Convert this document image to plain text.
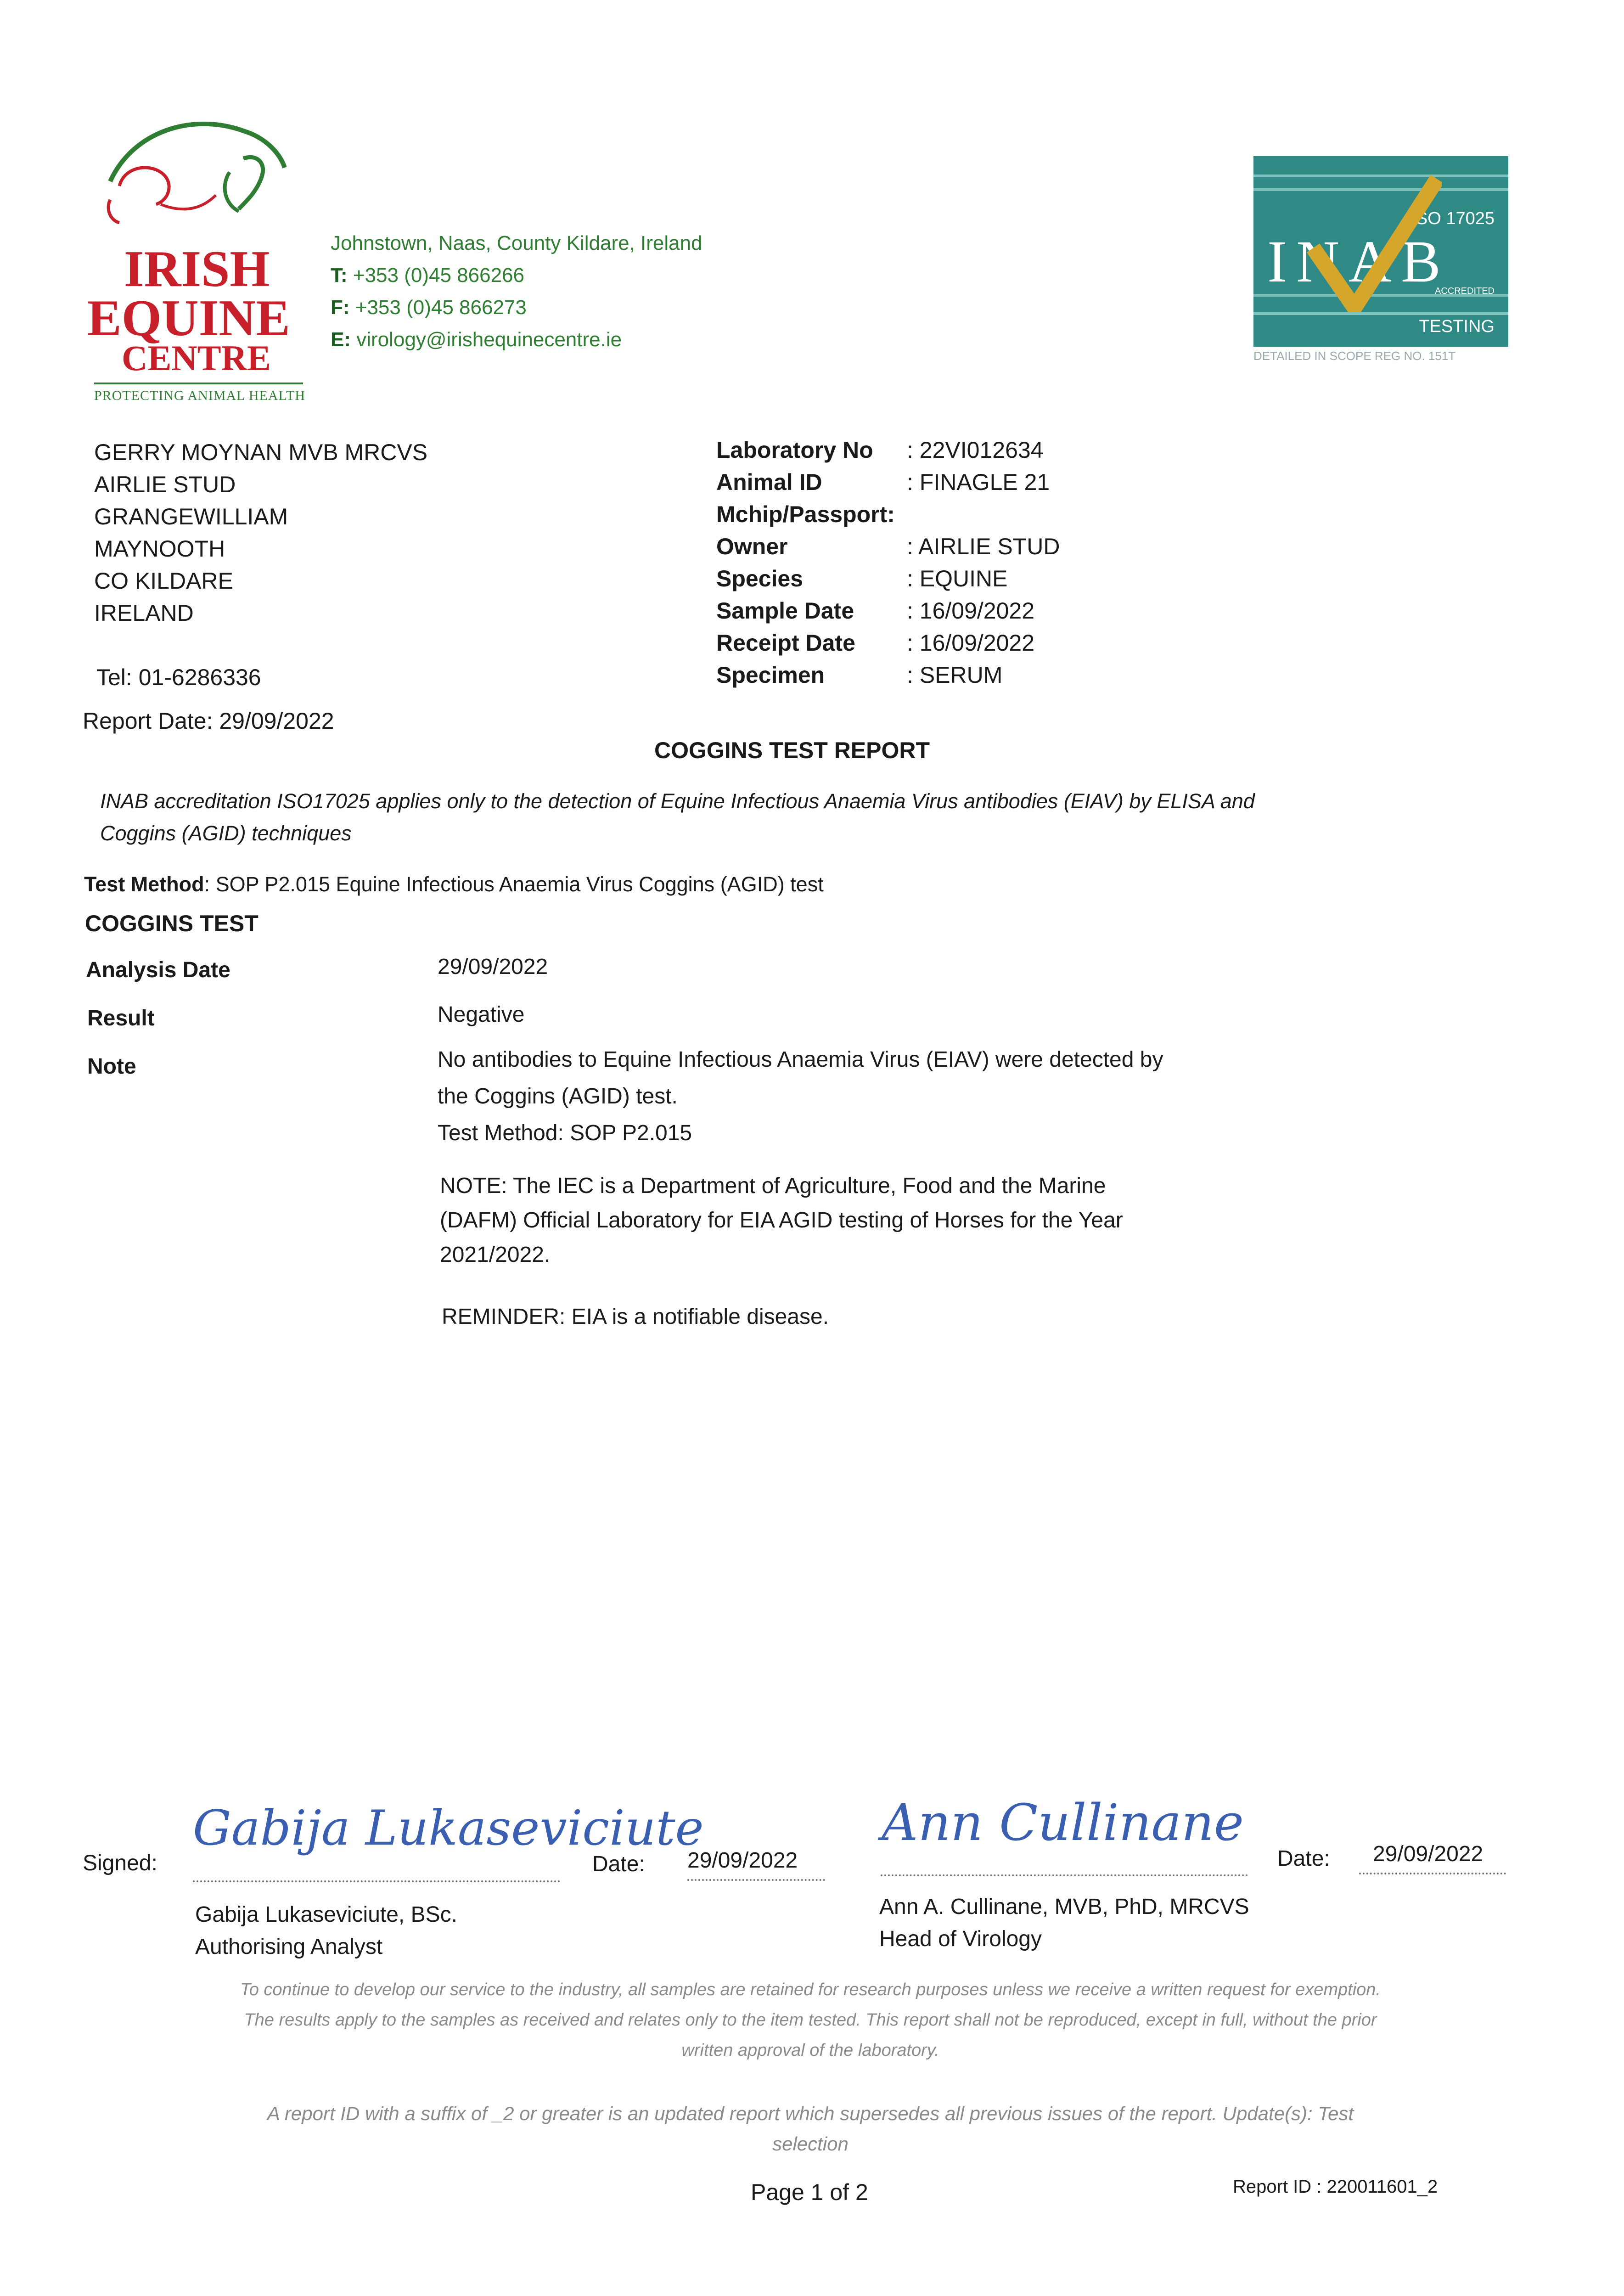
IRISH
EQUINE
CENTRE
PROTECTING ANIMAL HEALTH
Johnstown, Naas, County Kildare, Ireland
T: +353 (0)45 866266
F: +353 (0)45 866273
E: virology@irishequinecentre.ie
ISO 17025
INAB
ACCREDITED
TESTING
DETAILED IN SCOPE REG NO. 151T
GERRY MOYNAN MVB MRCVS
AIRLIE STUD
GRANGEWILLIAM
MAYNOOTH
CO KILDARE
IRELAND
Tel: 01-6286336
Report Date: 29/09/2022
Laboratory No : 22VI012634
Animal ID	: FINAGLE 21
Mchip/Passport:
Owner	: AIRLIE STUD
Species	: EQUINE
Sample Date : 16/09/2022
Receipt Date : 16/09/2022
Specimen	: SERUM
COGGINS TEST REPORT
INAB accreditation ISO17025 applies only to the detection of Equine Infectious Anaemia Virus antibodies (EIAV) by ELISA and
Coggins (AGID) techniques
Test Method: SOP P2.015 Equine Infectious Anaemia Virus Coggins (AGID) test
COGGINS TEST
Analysis Date	29/09/2022
Result	Negative
Note	No antibodies to Equine Infectious Anaemia Virus (EIAV) were detected by
the Coggins (AGID) test.
Test Method: SOP P2.015
NOTE: The IEC is a Department of Agriculture, Food and the Marine
(DAFM) Official Laboratory for EIA AGID testing of Horses for the Year
2021/2022.
REMINDER: EIA is a notifiable disease.
Signed:
Gabija Lukaseviciute
Date: 29/09/2022
Gabija Lukaseviciute, BSc.
Authorising Analyst
Ann Cullinane
Date: 29/09/2022
Ann A. Cullinane, MVB, PhD, MRCVS
Head of Virology
To continue to develop our service to the industry, all samples are retained for research purposes unless we receive a written request for exemption.
The results apply to the samples as received and relates only to the item tested. This report shall not be reproduced, except in full, without the prior
written approval of the laboratory.
A report ID with a suffix of _2 or greater is an updated report which supersedes all previous issues of the report. Update(s): Test
selection
Page 1 of 2	Report ID : 220011601_2
